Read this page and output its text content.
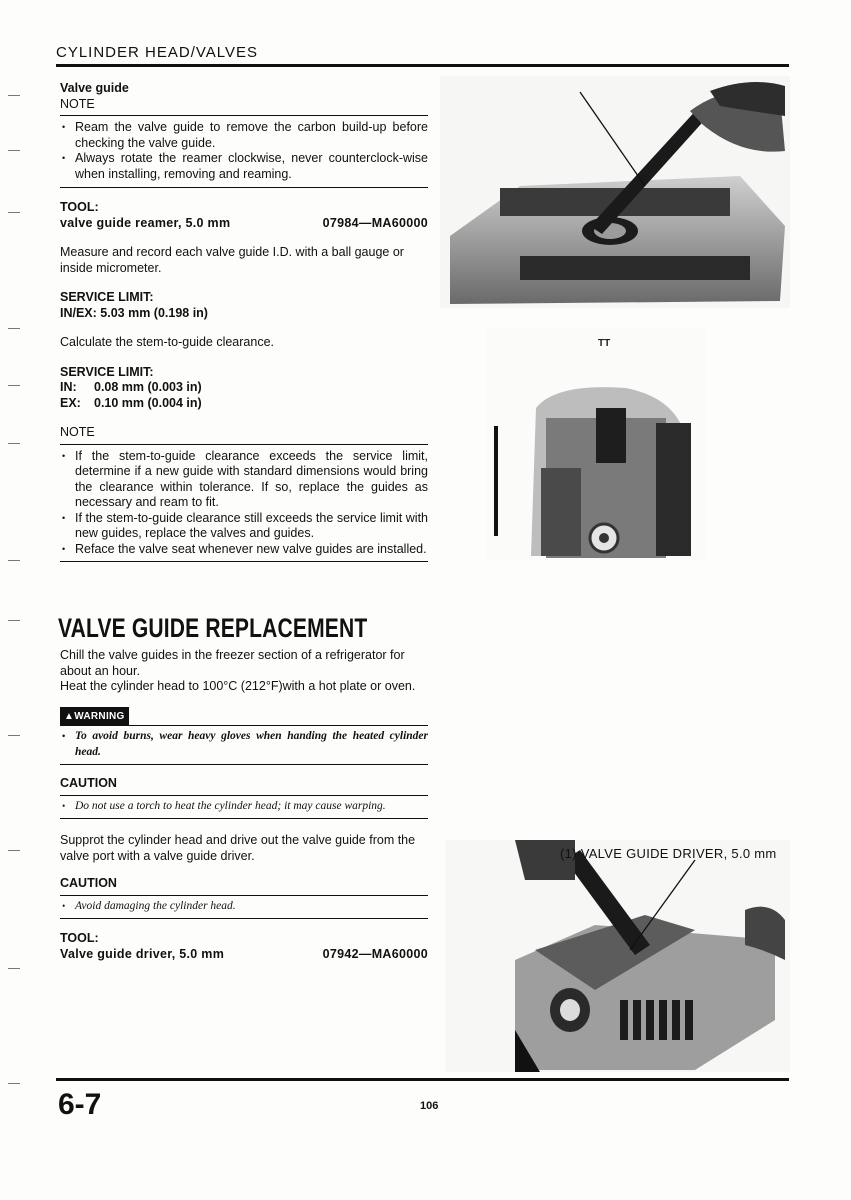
CYLINDER HEAD/VALVES
Valve guide
NOTE
• Ream the valve guide to remove the carbon build-up before checking the valve guide.
• Always rotate the reamer clockwise, never counterclock-wise when installing, removing and reaming.
TOOL:
valve guide reamer, 5.0 mm	07984—MA60000
Measure and record each valve guide I.D. with a ball gauge or inside micrometer.
SERVICE LIMIT:
IN/EX: 5.03 mm (0.198 in)
Calculate the stem-to-guide clearance.
SERVICE LIMIT:
IN: 0.08 mm (0.003 in)
EX: 0.10 mm (0.004 in)
NOTE
• If the stem-to-guide clearance exceeds the service limit, determine if a new guide with standard dimensions would bring the clearance within tolerance. If so, replace the guides as necessary and ream to fit.
• If the stem-to-guide clearance still exceeds the service limit with new guides, replace the valves and guides.
• Reface the valve seat whenever new valve guides are installed.
VALVE GUIDE REPLACEMENT
Chill the valve guides in the freezer section of a refrigerator for about an hour.
Heat the cylinder head to 100°C (212°F)with a hot plate or oven.
▲WARNING
• To avoid burns, wear heavy gloves when handing the heated cylinder head.
CAUTION
• Do not use a torch to heat the cylinder head; it may cause warping.
Supprot the cylinder head and drive out the valve guide from the valve port with a valve guide driver.
CAUTION
• Avoid damaging the cylinder head.
TOOL:
Valve guide driver, 5.0 mm	07942—MA60000
TT
(1) VALVE GUIDE DRIVER, 5.0 mm
6-7	106
